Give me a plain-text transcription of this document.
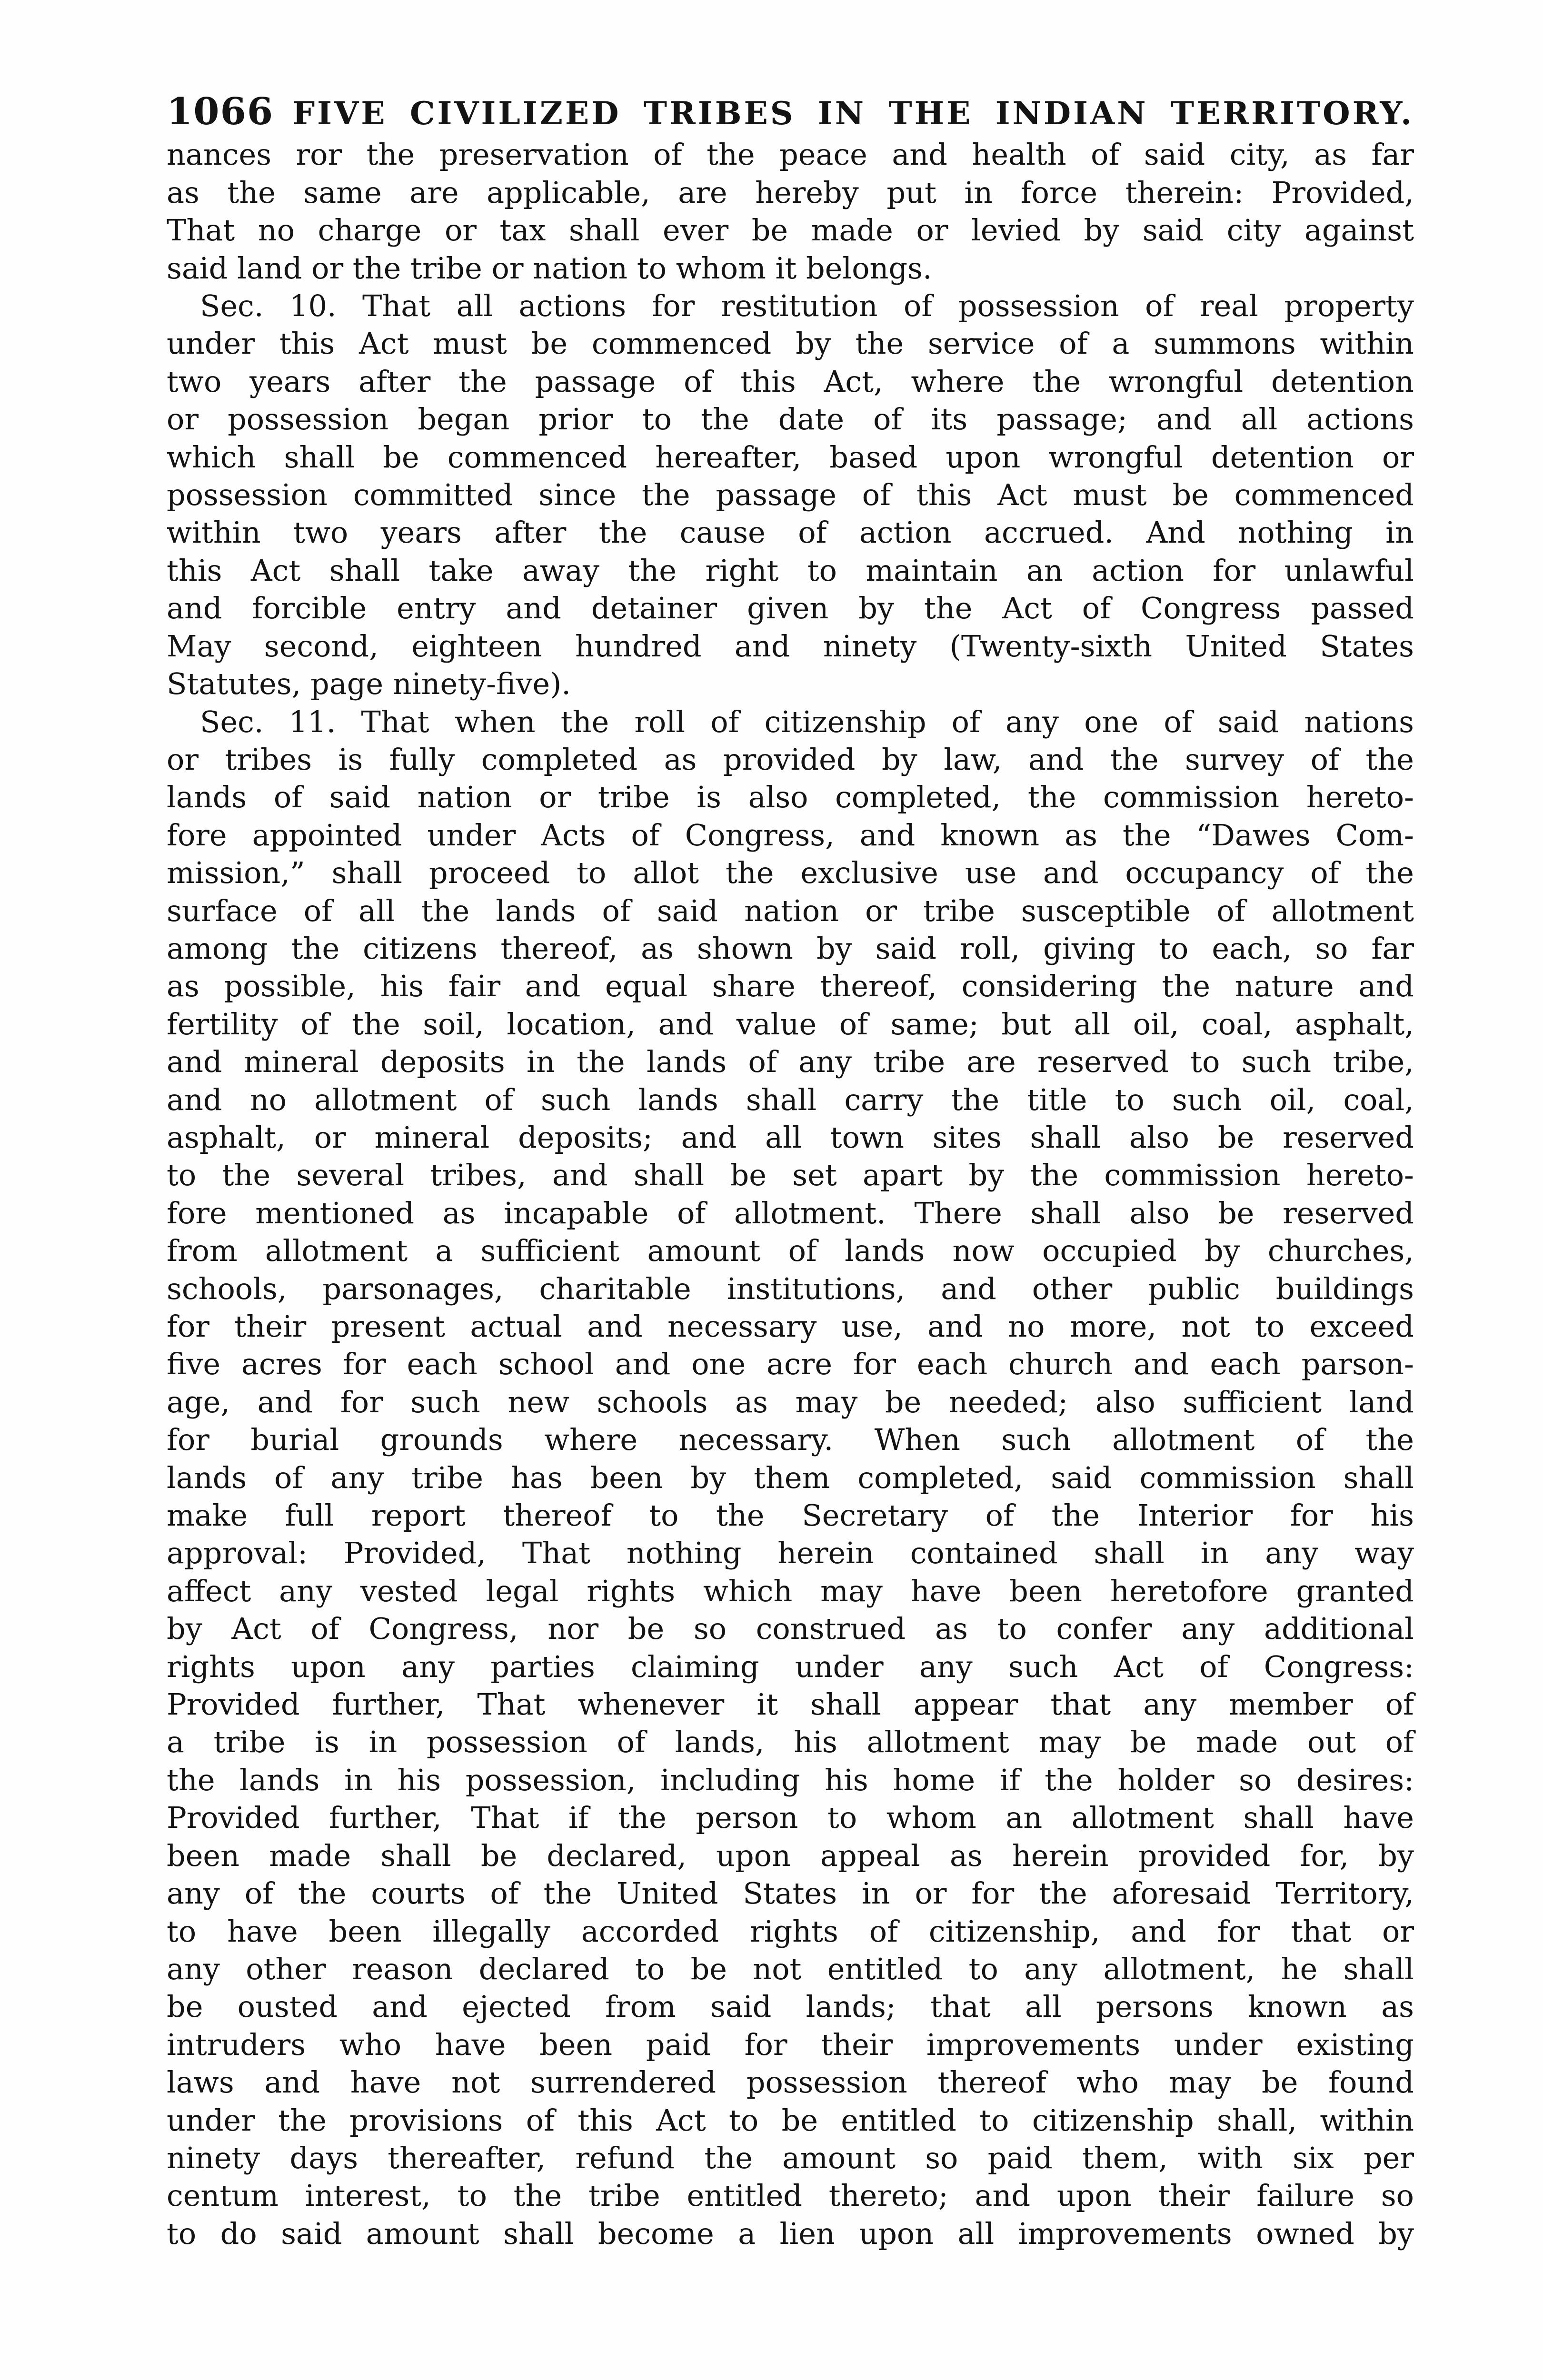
1066 FIVE CIVILIZED TRIBES IN THE INDIAN TERRITORY.
nances ror the preservation of the peace and health of said city, as far
as the same are applicable, are hereby put in force therein: Provided,
That no charge or tax shall ever be made or levied by said city against
said land or the tribe or nation to whom it belongs.
Sec. 10. That all actions for restitution of possession of real property
under this Act must be commenced by the service of a summons within
two years after the passage of this Act, where the wrongful detention
or possession began prior to the date of its passage; and all actions
which shall be commenced hereafter, based upon wrongful detention or
possession committed since the passage of this Act must be commenced
within two years after the cause of action accrued. And nothing in
this Act shall take away the right to maintain an action for unlawful
and forcible entry and detainer given by the Act of Congress passed
May second, eighteen hundred and ninety (Twenty-sixth United States
Statutes, page ninety-five).
Sec. 11. That when the roll of citizenship of any one of said nations
or tribes is fully completed as provided by law, and the survey of the
lands of said nation or tribe is also completed, the commission hereto-
fore appointed under Acts of Congress, and known as the “Dawes Com-
mission,” shall proceed to allot the exclusive use and occupancy of the
surface of all the lands of said nation or tribe susceptible of allotment
among the citizens thereof, as shown by said roll, giving to each, so far
as possible, his fair and equal share thereof, considering the nature and
fertility of the soil, location, and value of same; but all oil, coal, asphalt,
and mineral deposits in the lands of any tribe are reserved to such tribe,
and no allotment of such lands shall carry the title to such oil, coal,
asphalt, or mineral deposits; and all town sites shall also be reserved
to the several tribes, and shall be set apart by the commission hereto-
fore mentioned as incapable of allotment. There shall also be reserved
from allotment a sufficient amount of lands now occupied by churches,
schools, parsonages, charitable institutions, and other public buildings
for their present actual and necessary use, and no more, not to exceed
five acres for each school and one acre for each church and each parson-
age, and for such new schools as may be needed; also sufficient land
for burial grounds where necessary. When such allotment of the
lands of any tribe has been by them completed, said commission shall
make full report thereof to the Secretary of the Interior for his
approval: Provided, That nothing herein contained shall in any way
affect any vested legal rights which may have been heretofore granted
by Act of Congress, nor be so construed as to confer any additional
rights upon any parties claiming under any such Act of Congress:
Provided further, That whenever it shall appear that any member of
a tribe is in possession of lands, his allotment may be made out of
the lands in his possession, including his home if the holder so desires:
Provided further, That if the person to whom an allotment shall have
been made shall be declared, upon appeal as herein provided for, by
any of the courts of the United States in or for the aforesaid Territory,
to have been illegally accorded rights of citizenship, and for that or
any other reason declared to be not entitled to any allotment, he shall
be ousted and ejected from said lands; that all persons known as
intruders who have been paid for their improvements under existing
laws and have not surrendered possession thereof who may be found
under the provisions of this Act to be entitled to citizenship shall, within
ninety days thereafter, refund the amount so paid them, with six per
centum interest, to the tribe entitled thereto; and upon their failure so
to do said amount shall become a lien upon all improvements owned by
